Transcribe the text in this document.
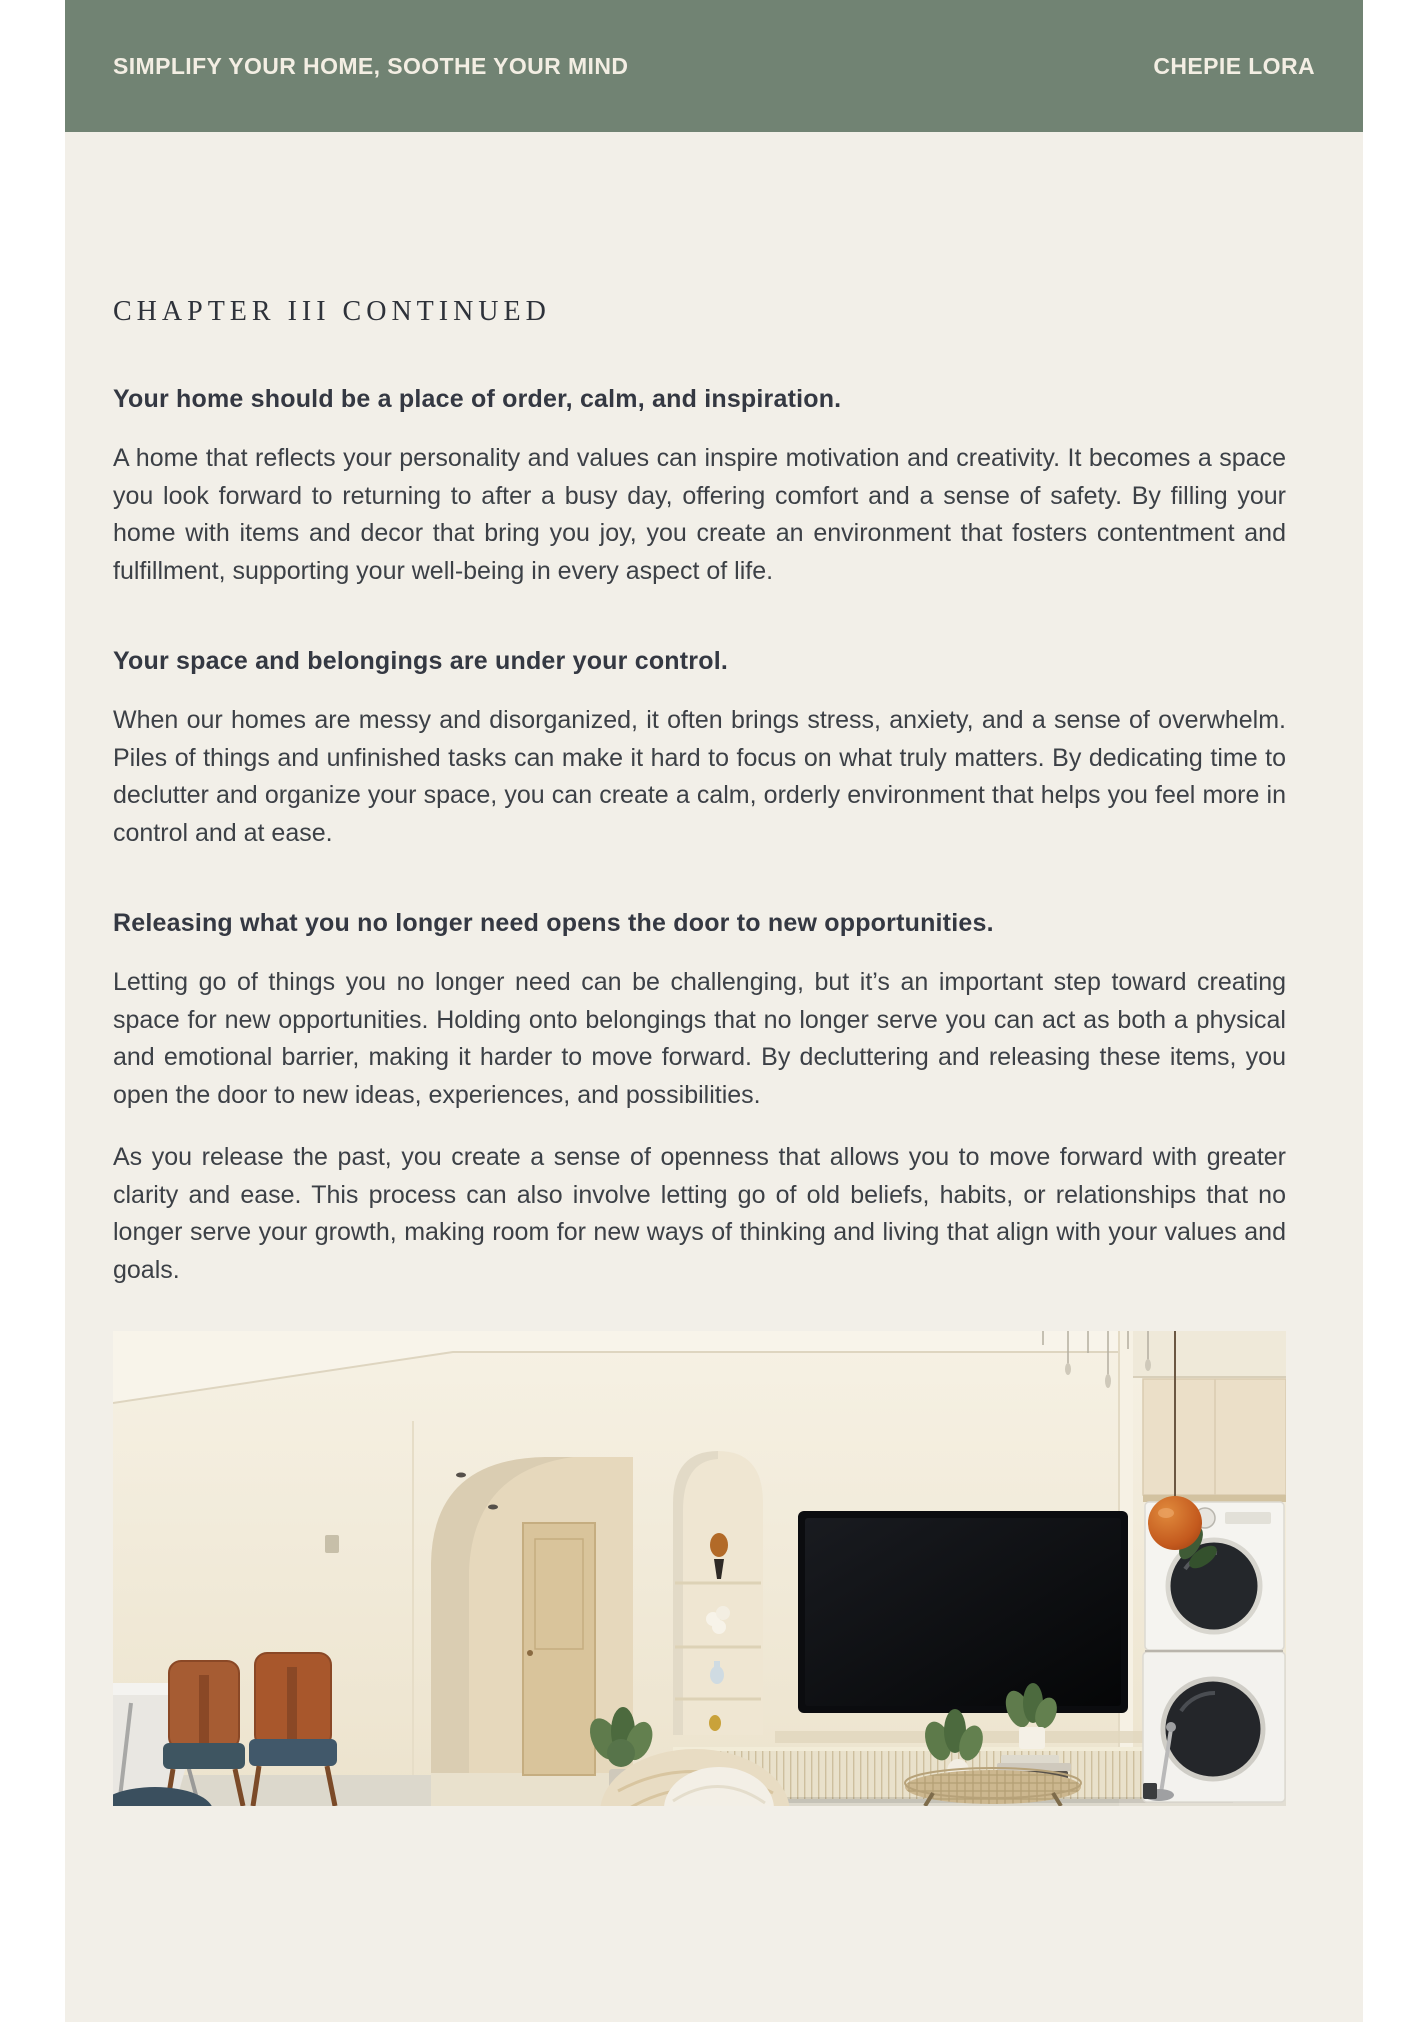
SIMPLIFY YOUR HOME, SOOTHE YOUR MIND	CHEPIE LORA
CHAPTER III CONTINUED
Your home should be a place of order, calm, and inspiration.

A home that reflects your personality and values can inspire motivation and creativity. It becomes a space you look forward to returning to after a busy day, offering comfort and a sense of safety. By filling your home with items and decor that bring you joy, you create an environment that fosters contentment and fulfillment, supporting your well-being in every aspect of life.

Your space and belongings are under your control.

When our homes are messy and disorganized, it often brings stress, anxiety, and a sense of overwhelm. Piles of things and unfinished tasks can make it hard to focus on what truly matters. By dedicating time to declutter and organize your space, you can create a calm, orderly environment that helps you feel more in control and at ease.

Releasing what you no longer need opens the door to new opportunities.

Letting go of things you no longer need can be challenging, but it’s an important step toward creating space for new opportunities. Holding onto belongings that no longer serve you can act as both a physical and emotional barrier, making it harder to move forward. By decluttering and releasing these items, you open the door to new ideas, experiences, and possibilities.

As you release the past, you create a sense of openness that allows you to move forward with greater clarity and ease. This process can also involve letting go of old beliefs, habits, or relationships that no longer serve your growth, making room for new ways of thinking and living that align with your values and goals.
